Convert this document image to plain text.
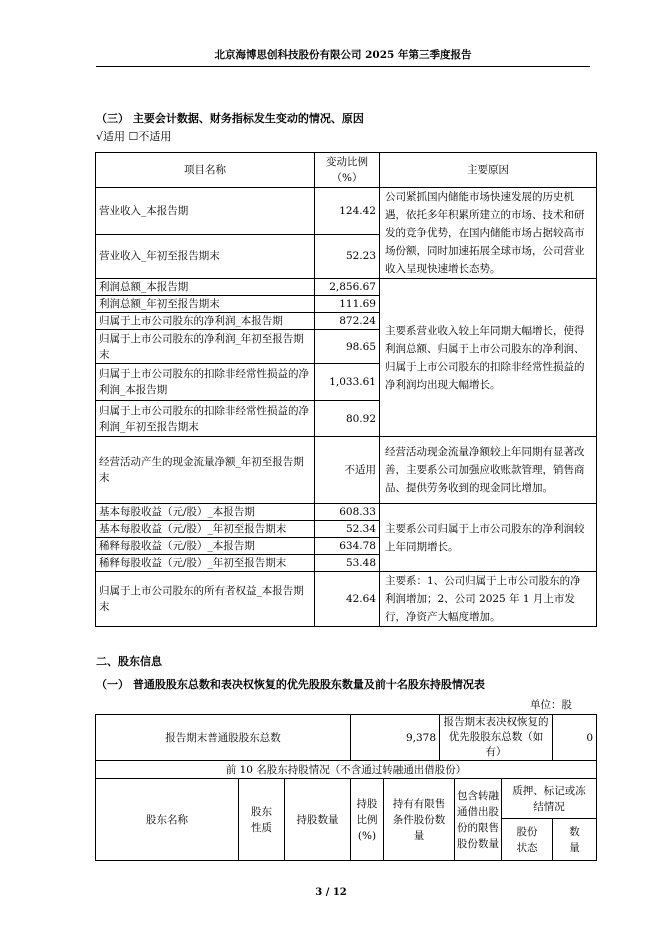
北京海博思创科技股份有限公司 2025 年第三季度报告
（三） 主要会计数据、财务指标发生变动的情况、原因
√适用 ☐不适用
项目名称	变动比例（%）	主要原因
营业收入_本报告期	124.42	公司紧抓国内储能市场快速发展的历史机遇，依托多年积累所建立的市场、技术和研发的竞争优势，在国内储能市场占据较高市场份额，同时加速拓展全球市场，公司营业收入呈现快速增长态势。
营业收入_年初至报告期末	52.23	
利润总额_本报告期	2,856.67	主要系营业收入较上年同期大幅增长，使得利润总额、归属于上市公司股东的净利润、归属于上市公司股东的扣除非经常性损益的净利润均出现大幅增长。
利润总额_年初至报告期末	111.69	
归属于上市公司股东的净利润_本报告期	872.24	
归属于上市公司股东的净利润_年初至报告期末	98.65	
归属于上市公司股东的扣除非经常性损益的净利润_本报告期	1,033.61	
归属于上市公司股东的扣除非经常性损益的净利润_年初至报告期末	80.92	
经营活动产生的现金流量净额_年初至报告期末	不适用	经营活动现金流量净额较上年同期有显著改善，主要系公司加强应收账款管理，销售商品、提供劳务收到的现金同比增加。
基本每股收益（元/股）_本报告期	608.33	主要系公司归属于上市公司股东的净利润较上年同期增长。
基本每股收益（元/股）_年初至报告期末	52.34	
稀释每股收益（元/股）_本报告期	634.78	
稀释每股收益（元/股）_年初至报告期末	53.48	
归属于上市公司股东的所有者权益_本报告期末	42.64	主要系：1、公司归属于上市公司股东的净利润增加；2、公司 2025 年 1 月上市发行，净资产大幅度增加。
二、股东信息
（一） 普通股股东总数和表决权恢复的优先股股东数量及前十名股东持股情况表
单位：股
报告期末普通股股东总数			9,378		报告期末表决权恢复的优先股股东总数（如有）			0
前 10 名股东持股情况（不含通过转融通出借股份）								
股东名称	股东性质	持股数量	持股比例(%)	持有有限售条件股份数量		包含转融通借出股份的限售股份数量	质押、标记或冻结情况	
							股份状态	数量
3 / 12
